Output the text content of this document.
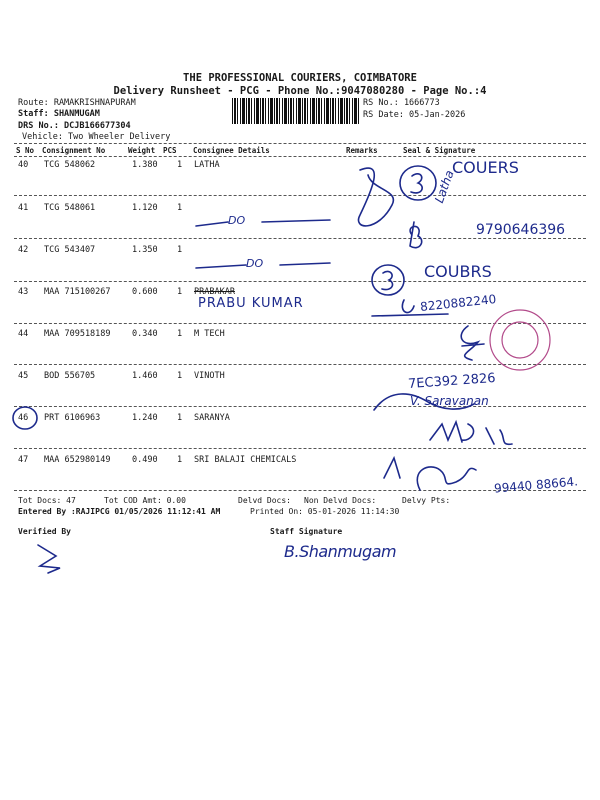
THE PROFESSIONAL COURIERS, COIMBATORE
Delivery Runsheet - PCG - Phone No.:9047080280 - Page No.:4
Route: RAMAKRISHNAPURAM
Staff: SHANMUGAM
DRS No.: DCJB166677304
Vehicle: Two Wheeler Delivery
RS No.: 1666773
RS Date: 05-Jan-2026
S No Consignment No	Weight PCS Consignee Details	Remarks	Seal & Signature
40 TCG 548062	1.380 1 LATHA
41 TCG 548061	1.120 1
42 TCG 543407	1.350 1
43 MAA 715100267	0.600 1 PRABAKAR
44 MAA 709518189	0.340 1 M TECH
45 BOD 556705	1.460 1 VINOTH
46 PRT 6106963	1.240 1 SARANYA
47 MAA 652980149	0.490 1 SRI BALAJI CHEMICALS
DO
DO
PRABU KUMAR
COUERS
Latha
9790646396
COUBRS
8220882240
7EC392 2826
V. Saravanan
99440 88664.
B.Shanmugam
Tot Docs: 47	Tot COD Amt: 0.00	Delvd Docs: Non Delvd Docs:	Delvy Pts:
Entered By :RAJIPCG 01/05/2026 11:12:41 AM	Printed On: 05-01-2026 11:14:30
Verified By	Staff Signature
